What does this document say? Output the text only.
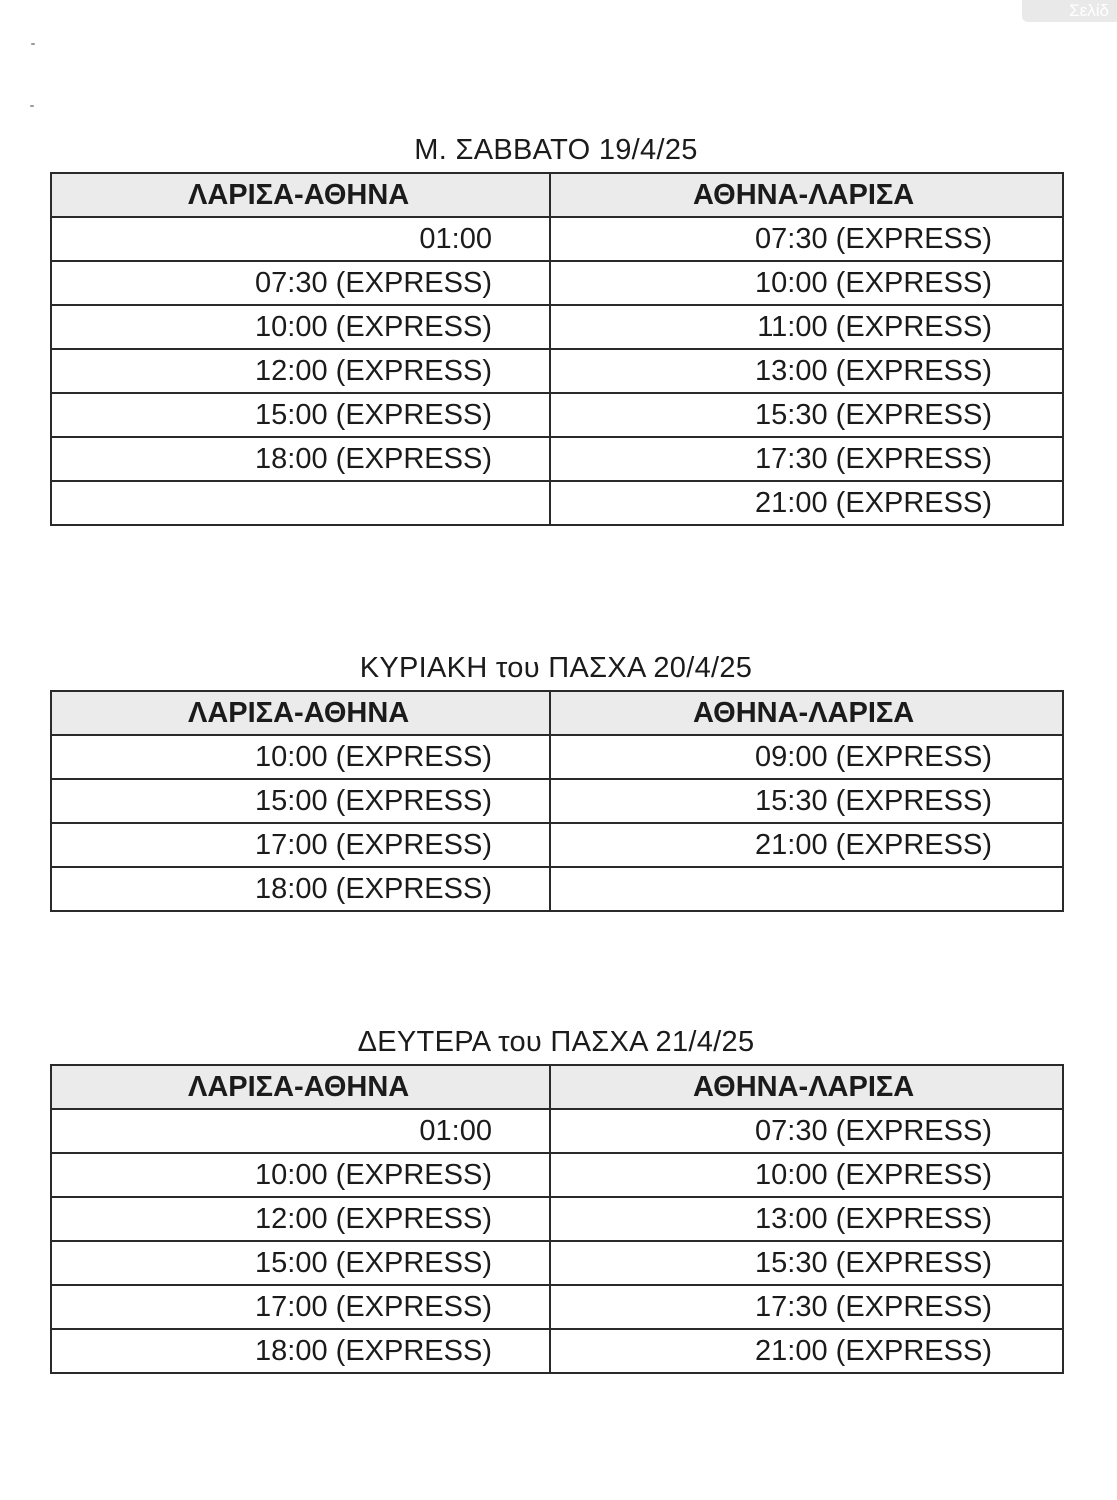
Σελίδ
Μ. ΣΑΒΒΑΤΟ 19/4/25
ΛΑΡΙΣΑ-ΑΘΗΝΑ	ΑΘΗΝΑ-ΛΑΡΙΣΑ
01:00	07:30 (EXPRESS)
07:30 (EXPRESS)	10:00 (EXPRESS)
10:00 (EXPRESS)	11:00 (EXPRESS)
12:00 (EXPRESS)	13:00 (EXPRESS)
15:00 (EXPRESS)	15:30 (EXPRESS)
18:00 (EXPRESS)	17:30 (EXPRESS)
	21:00 (EXPRESS)
ΚΥΡΙΑΚΗ του ΠΑΣΧΑ 20/4/25
ΛΑΡΙΣΑ-ΑΘΗΝΑ	ΑΘΗΝΑ-ΛΑΡΙΣΑ
10:00 (EXPRESS)	09:00 (EXPRESS)
15:00 (EXPRESS)	15:30 (EXPRESS)
17:00 (EXPRESS)	21:00 (EXPRESS)
18:00 (EXPRESS)	
ΔΕΥΤΕΡΑ του ΠΑΣΧΑ 21/4/25
ΛΑΡΙΣΑ-ΑΘΗΝΑ	ΑΘΗΝΑ-ΛΑΡΙΣΑ
01:00	07:30 (EXPRESS)
10:00 (EXPRESS)	10:00 (EXPRESS)
12:00 (EXPRESS)	13:00 (EXPRESS)
15:00 (EXPRESS)	15:30 (EXPRESS)
17:00 (EXPRESS)	17:30 (EXPRESS)
18:00 (EXPRESS)	21:00 (EXPRESS)
